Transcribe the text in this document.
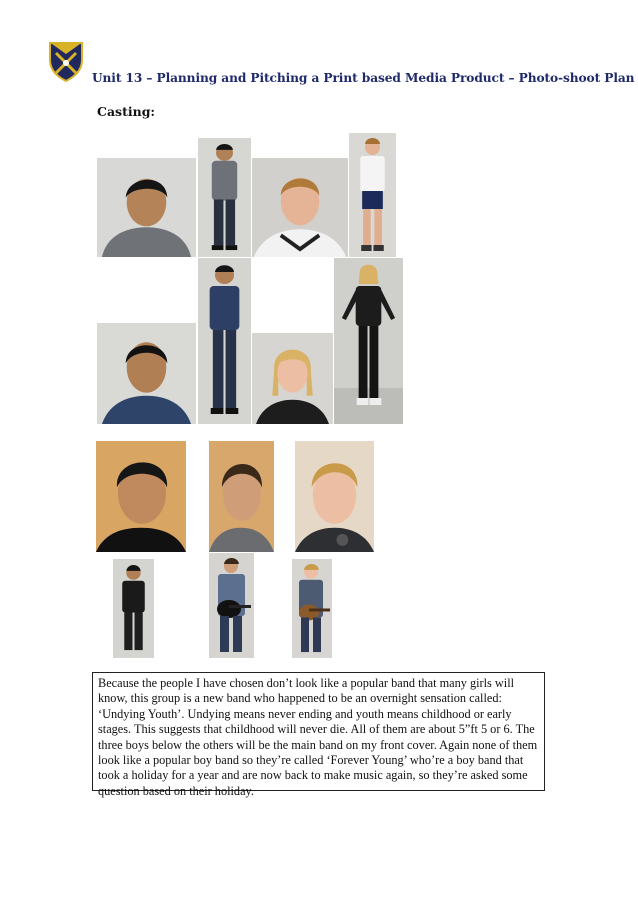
Unit 13 – Planning and Pitching a Print based Media Product – Photo-shoot Plan
Casting:
Because the people I have chosen don’t look like a popular band that many girls will know, this group is a new band who happened to be an overnight sensation called: ‘Undying Youth’. Undying means never ending and youth means childhood or early stages. This suggests that childhood will never die. All of them are about 5”ft 5 or 6. The three boys below the others will be the main band on my front cover. Again none of them look like a popular boy band so they’re called ‘Forever Young’ who’re a boy band that took a holiday for a year and are now back to make music again, so they’re asked some question based on their holiday.
